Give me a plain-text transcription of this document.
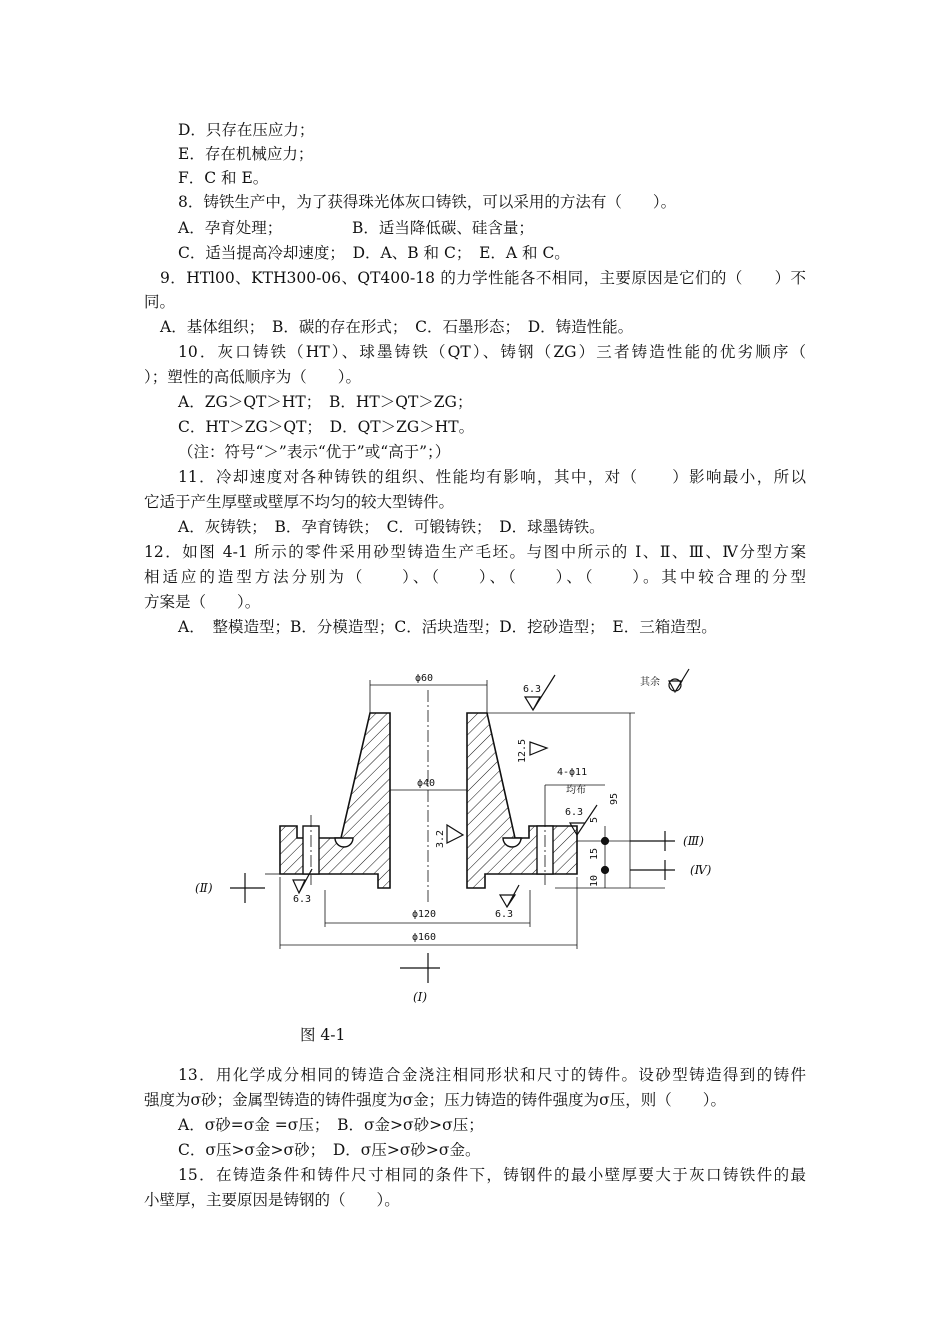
D．只存在压应力；
E．存在机械应力；
F．C 和 E。
8．铸铁生产中，为了获得珠光体灰口铸铁，可以采用的方法有（　　）。
A．孕育处理；　　　　　B．适当降低碳、硅含量；
C．适当提高冷却速度；　D．A、B 和 C；　E．A 和 C。
9．HTl00、KTH300-06、QT400-18 的力学性能各不相同，主要原因是它们的（　　）不
同。
A．基体组织；　B．碳的存在形式；　C．石墨形态；　D．铸造性能。
10．灰口铸铁（HT）、球墨铸铁（QT）、铸钢（ZG）三者铸造性能的优劣顺序（
）；塑性的高低顺序为（　　）。
A．ZG＞QT＞HT；　B．HT＞QT＞ZG；
C．HT＞ZG＞QT；　D．QT＞ZG＞HT。
（注：符号“＞”表示“优于”或“高于”；）
11．冷却速度对各种铸铁的组织、性能均有影响，其中，对（　　）影响最小，所以
它适于产生厚壁或壁厚不均匀的较大型铸件。
A．灰铸铁；　B．孕育铸铁；　C．可锻铸铁；　D．球墨铸铁。
12．如图 4-1 所示的零件采用砂型铸造生产毛坯。与图中所示的 Ⅰ、Ⅱ、Ⅲ、Ⅳ分型方案
相适应的造型方法分别为（　　）、（　　）、（　　）、（　　）。其中较合理的分型
方案是（　　）。
A．　整模造型；B．分模造型；C．活块造型；D．挖砂造型；　E．三箱造型。
13．用化学成分相同的铸造合金浇注相同形状和尺寸的铸件。设砂型铸造得到的铸件
强度为σ砂；金属型铸造的铸件强度为σ金；压力铸造的铸件强度为σ压，则（　　）。
A．σ砂=σ金 =σ压；　B．σ金>σ砂>σ压；
C．σ压>σ金>σ砂；　D．σ压>σ砂>σ金。
15．在铸造条件和铸件尺寸相同的条件下，铸钢件的最小壁厚要大于灰口铸铁件的最
小壁厚，主要原因是铸钢的（　　）。
ϕ60
ϕ40
ϕ120
ϕ160
4-ϕ11
均布
95
5
15
10
6.3
12.5
6.3
3.2
6.3
6.3
其余
(Ⅱ)
(Ⅰ)
(Ⅲ)
(Ⅳ)
图 4-1
